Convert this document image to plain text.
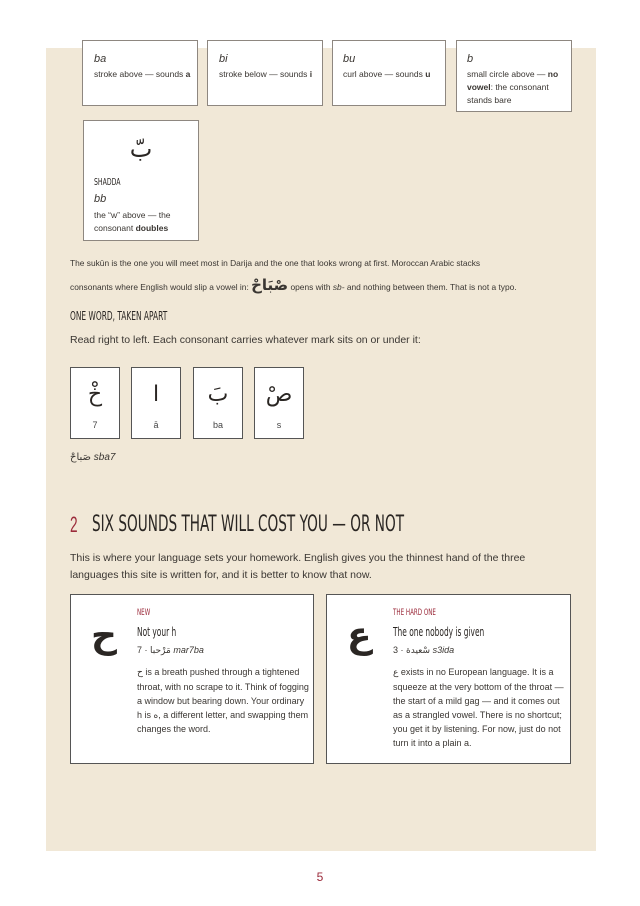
ba
stroke above — sounds a
bi
stroke below — sounds i
bu
curl above — sounds u
b
small circle above — no vowel: the consonant stands bare
بّ
SHADDA
bb
the “w” above — the consonant doubles
The sukūn is the one you will meet most in Darija and the one that looks wrong at first. Moroccan Arabic stacks
consonants where English would slip a vowel in: صْبَاحْ opens with sb- and nothing between them. That is not a typo.
ONE WORD, TAKEN APART
Read right to left. Each consonant carries whatever mark sits on or under it:
خْ
7
ا
ā
بَ
ba
صْ
s
صَباحْ sba7
2 SIX SOUNDS THAT WILL COST YOU — OR NOT
This is where your language sets your homework. English gives you the thinnest hand of the three
languages this site is written for, and it is better to know that now.
ح
NEW
Not your h
7 · مَرْحبا mar7ba
ح is a breath pushed through a tightened throat, with no scrape to it. Think of fogging a window but bearing down. Your ordinary h is ه, a different letter, and swapping them changes the word.
ع
THE HARD ONE
The one nobody is given
3 · سْعيدة s3ida
ع exists in no European language. It is a squeeze at the very bottom of the throat — the start of a mild gag — and it comes out as a strangled vowel. There is no shortcut; you get it by listening. For now, just do not turn it into a plain a.
5
